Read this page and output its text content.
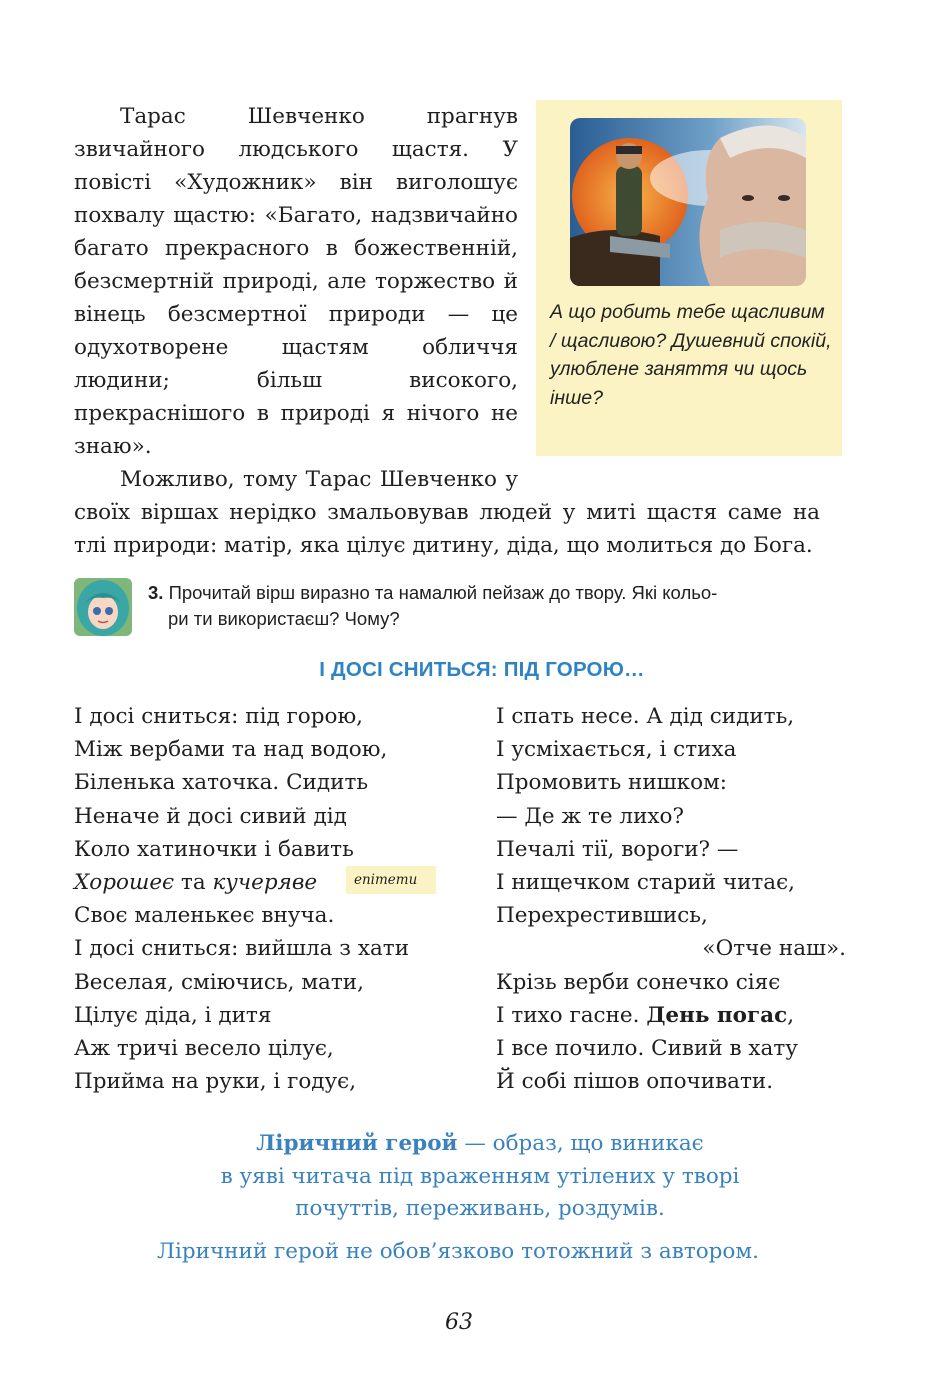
А що робить тебе щасливим / щасливою? Душевний спокій, улюблене заняття чи щось інше?

Тарас Шевченко прагнув звичайного людського щастя. У повісті «Художник» він виголошує похвалу щастю: «Багато, надзвичайно багато прекрасного в божественній, безсмертній природі, але торжество й вінець безсмертної природи — це одухотворене щастям обличчя людини; більш високого, прекраснішого в природі я нічого не знаю».

Можливо, тому Тарас Шевченко у своїх віршах нерідко змальовував людей у миті щастя саме на тлі природи: матір, яка цілує дитину, діда, що молиться до Бога.

3. Прочитай вірш виразно та намалюй пейзаж до твору. Які кольо-
ри ти використаєш? Чому?
І ДОСІ СНИТЬСЯ: ПІД ГОРОЮ…
І досі сниться: під горою,
Між вербами та над водою,
Біленька хаточка. Сидить
Неначе й досі сивий дід
Коло хатиночки і бавить
Хорошеє та кучеряве	епітети
Своє маленькеє внуча.
І досі сниться: вийшла з хати
Веселая, сміючись, мати,
Цілує діда, і дитя
Аж тричі весело цілує,
Прийма на руки, і годує,
І спать несе. А дід сидить,
І усміхається, і стиха
Промовить нишком:
— Де ж те лихо?
Печалі тії, вороги? —
І нищечком старий читає,
Перехрестившись,
«Отче наш».
Крізь верби сонечко сіяє
І тихо гасне. День погас,
І все почило. Сивий в хату
Й собі пішов опочивати.
Ліричний герой — образ, що виникає
в уяві читача під враженням утілених у творі
почуттів, переживань, роздумів.
Ліричний герой не обов’язково тотожний з автором.
63
